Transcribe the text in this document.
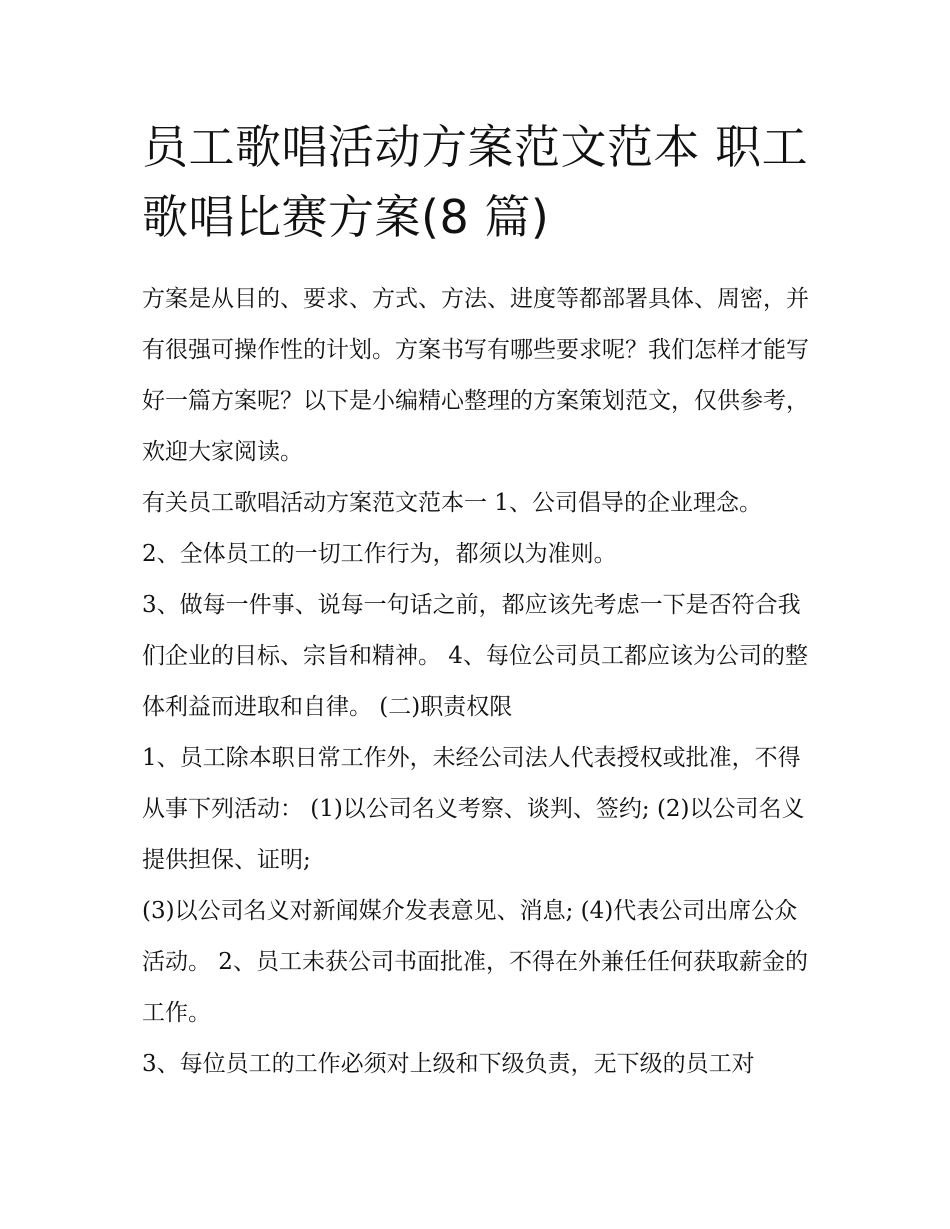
员工歌唱活动方案范文范本 职工歌唱比赛方案(8 篇)

方案是从目的、要求、方式、方法、进度等都部署具体、周密，并有很强可操作性的计划。方案书写有哪些要求呢？我们怎样才能写好一篇方案呢？以下是小编精心整理的方案策划范文，仅供参考，欢迎大家阅读。

有关员工歌唱活动方案范文范本一 1、公司倡导的企业理念。

2、全体员工的一切工作行为，都须以为准则。

3、做每一件事、说每一句话之前，都应该先考虑一下是否符合我们企业的目标、宗旨和精神。 4、每位公司员工都应该为公司的整体利益而进取和自律。 (二)职责权限

1、员工除本职日常工作外，未经公司法人代表授权或批准，不得从事下列活动： (1)以公司名义考察、谈判、签约; (2)以公司名义提供担保、证明;

(3)以公司名义对新闻媒介发表意见、消息; (4)代表公司出席公众活动。 2、员工未获公司书面批准，不得在外兼任任何获取薪金的工作。

3、每位员工的工作必须对上级和下级负责，无下级的员工对
